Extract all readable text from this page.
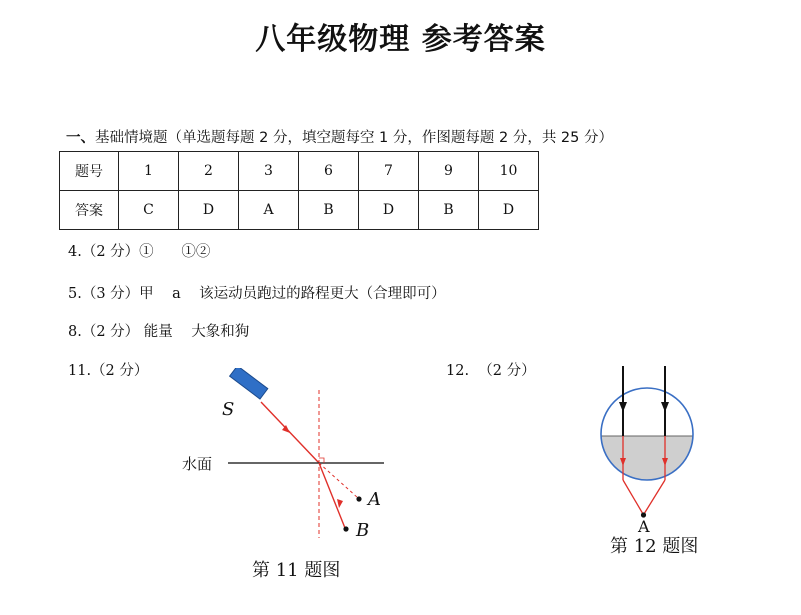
八年级物理 参考答案
一、基础情境题（单选题每题 2 分，填空题每空 1 分，作图题每题 2 分，共 25 分）
题号	1	2	3	6	7	9	10
答案	C	D	A	B	D	B	D
4.（2 分）①      ①②
5.（3 分）甲    a    该运动员跑过的路程更大（合理即可）
8.（2 分） 能量    大象和狗
11.（2 分）	12.  （2 分）
S
水面
A
B
第 11 题图
A
第 12 题图
